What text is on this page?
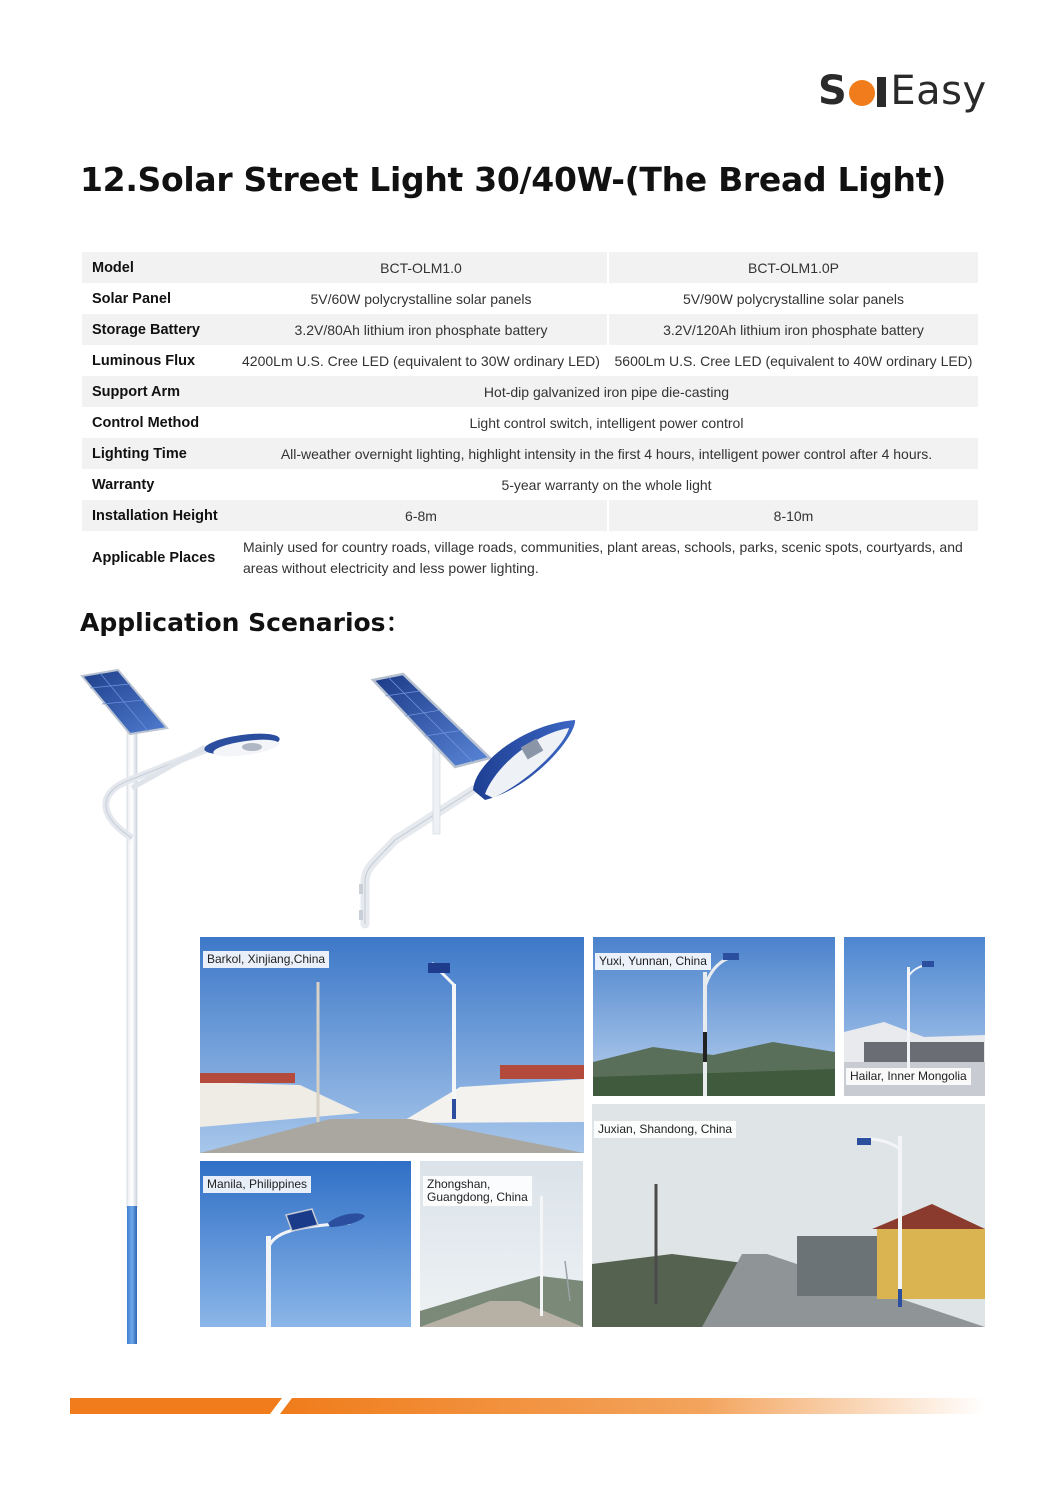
S Easy
12.Solar Street Light 30/40W-(The Bread Light)
Model	BCT-OLM1.0		BCT-OLM1.0P
Solar Panel	5V/60W polycrystalline solar panels		5V/90W polycrystalline solar panels
Storage Battery	3.2V/80Ah lithium iron phosphate battery		3.2V/120Ah lithium iron phosphate battery
Luminous Flux	4200Lm U.S. Cree LED (equivalent to 30W ordinary LED)		5600Lm U.S. Cree LED (equivalent to 40W ordinary LED)
Support Arm	Hot-dip galvanized iron pipe die-casting		
Control Method	Light control switch, intelligent power control		
Lighting Time	All-weather overnight lighting, highlight intensity in the first 4 hours, intelligent power control after 4 hours.		
Warranty	5-year warranty on the whole light		
Installation Height	6-8m		8-10m
Applicable Places	Mainly used for country roads, village roads, communities, plant areas, schools, parks, scenic spots, courtyards, and areas without electricity and less power lighting.		
Application Scenarios：
Barkol, Xinjiang,China	Yuxi, Yunnan, China
Hailar, Inner Mongolia
Juxian, Shandong, China
Manila, Philippines	Zhongshan,
Guangdong, China
